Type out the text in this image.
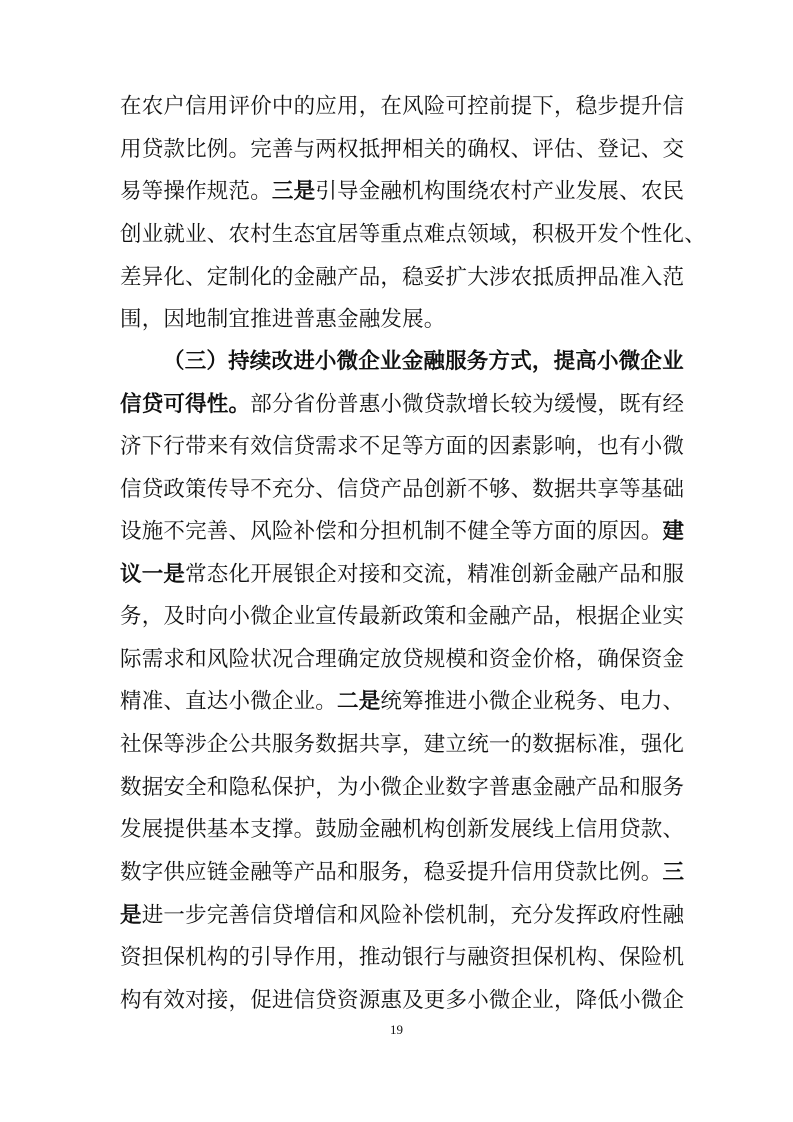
在农户信用评价中的应用，在风险可控前提下，稳步提升信
用贷款比例。完善与两权抵押相关的确权、评估、登记、交
易等操作规范。三是引导金融机构围绕农村产业发展、农民
创业就业、农村生态宜居等重点难点领域，积极开发个性化、
差异化、定制化的金融产品，稳妥扩大涉农抵质押品准入范
围，因地制宜推进普惠金融发展。
（三）持续改进小微企业金融服务方式，提高小微企业
信贷可得性。部分省份普惠小微贷款增长较为缓慢，既有经
济下行带来有效信贷需求不足等方面的因素影响，也有小微
信贷政策传导不充分、信贷产品创新不够、数据共享等基础
设施不完善、风险补偿和分担机制不健全等方面的原因。建
议一是常态化开展银企对接和交流，精准创新金融产品和服
务，及时向小微企业宣传最新政策和金融产品，根据企业实
际需求和风险状况合理确定放贷规模和资金价格，确保资金
精准、直达小微企业。二是统筹推进小微企业税务、电力、
社保等涉企公共服务数据共享，建立统一的数据标准，强化
数据安全和隐私保护，为小微企业数字普惠金融产品和服务
发展提供基本支撑。鼓励金融机构创新发展线上信用贷款、
数字供应链金融等产品和服务，稳妥提升信用贷款比例。三
是进一步完善信贷增信和风险补偿机制，充分发挥政府性融
资担保机构的引导作用，推动银行与融资担保机构、保险机
构有效对接，促进信贷资源惠及更多小微企业，降低小微企
19
